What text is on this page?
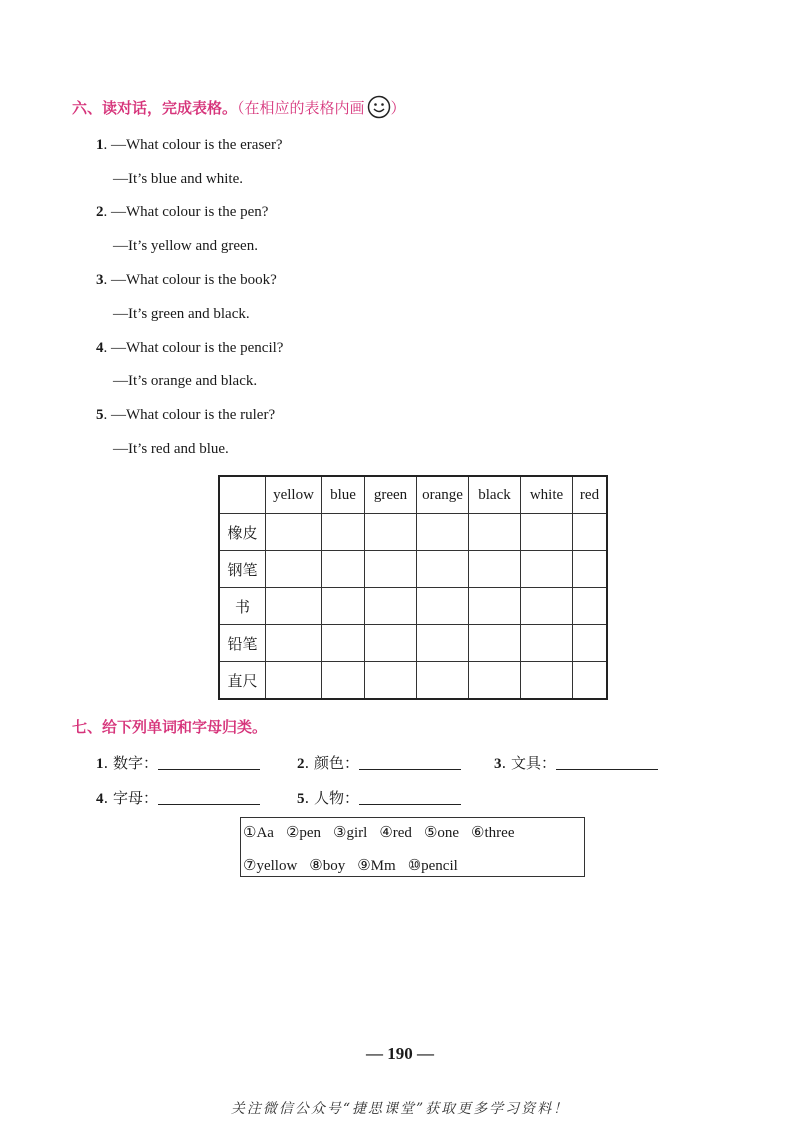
六、读对话，完成表格。（在相应的表格内画 ）
1. —What colour is the eraser?
—It’s blue and white.
2. —What colour is the pen?
—It’s yellow and green.
3. —What colour is the book?
—It’s green and black.
4. —What colour is the pencil?
—It’s orange and black.
5. —What colour is the ruler?
—It’s red and blue.
	yellow	blue	green	orange	black	white	red
橡皮							
钢笔							
书							
铅笔							
直尺							
七、给下列单词和字母归类。
1. 数字：	2. 颜色：	3. 文具：
4. 字母：	5. 人物：
①Aa ②pen ③girl ④red ⑤one ⑥three
⑦yellow ⑧boy ⑨Mm ⑩pencil
— 190 —
关注微信公众号“捷思课堂”获取更多学习资料！
